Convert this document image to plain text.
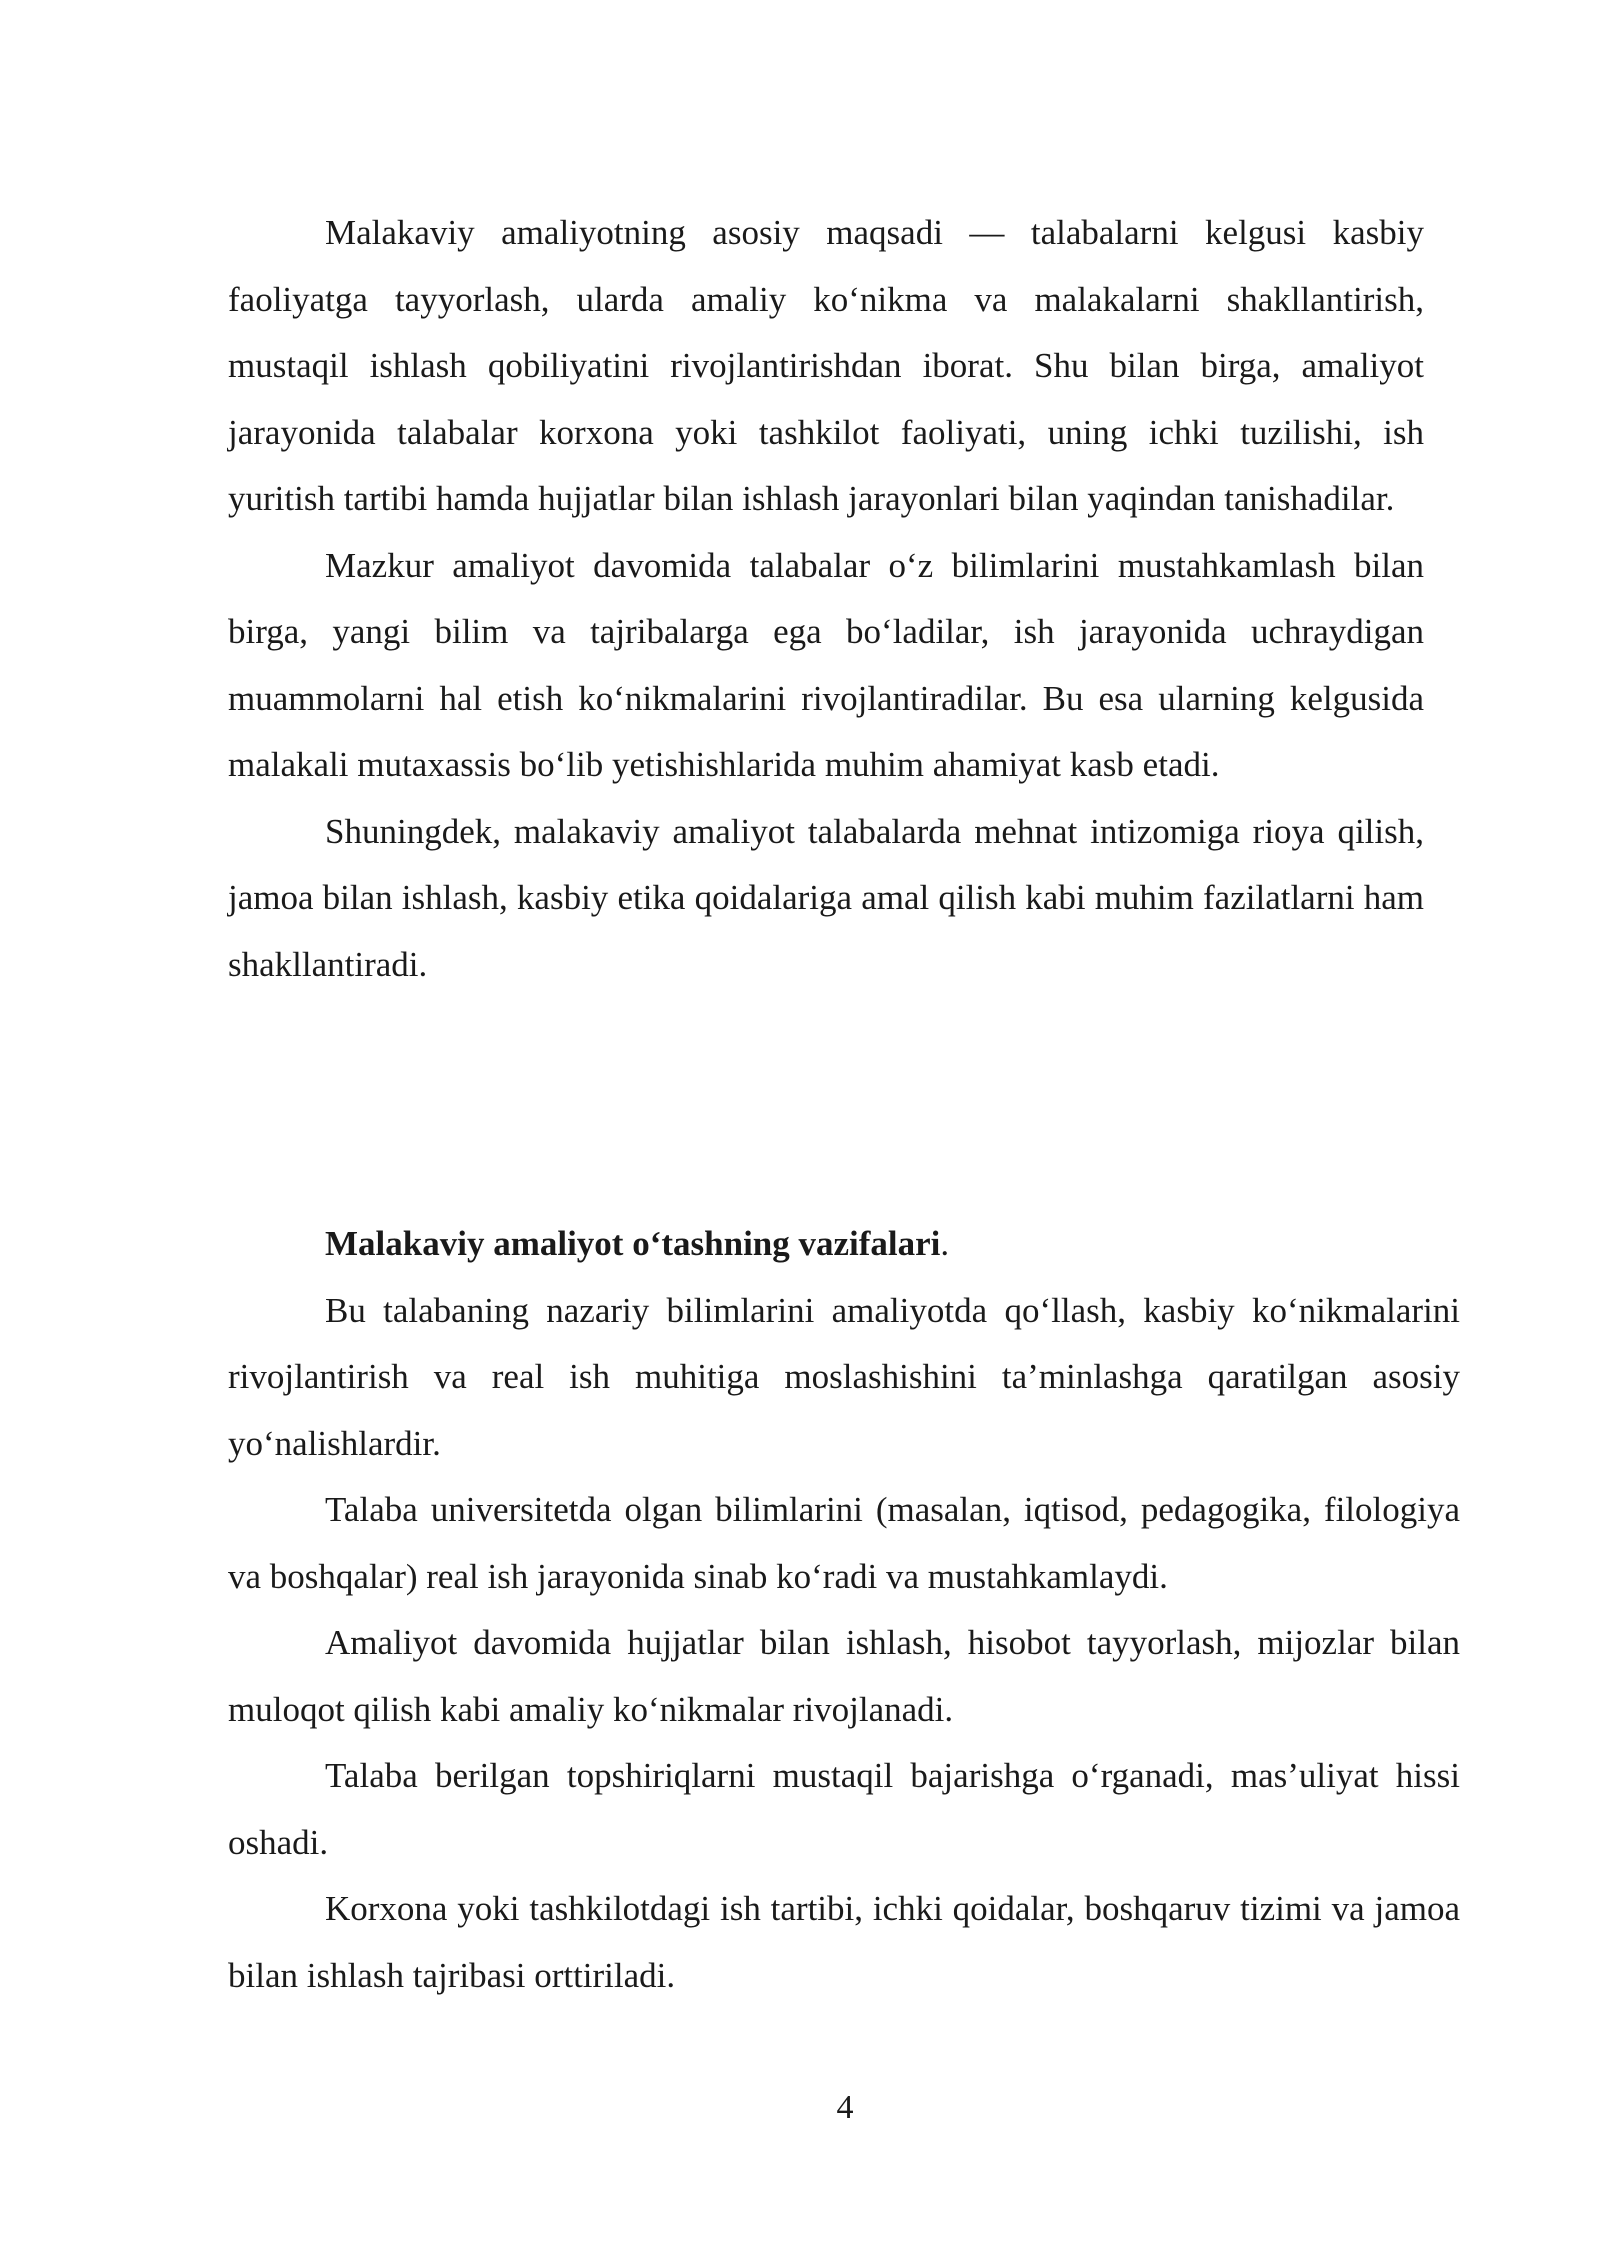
Malakaviy amaliyotning asosiy maqsadi — talabalarni kelgusi kasbiy faoliyatga tayyorlash, ularda amaliy ko‘nikma va malakalarni shakllantirish, mustaqil ishlash qobiliyatini rivojlantirishdan iborat. Shu bilan birga, amaliyot jarayonida talabalar korxona yoki tashkilot faoliyati, uning ichki tuzilishi, ish yuritish tartibi hamda hujjatlar bilan ishlash jarayonlari bilan yaqindan tanishadilar.

Mazkur amaliyot davomida talabalar o‘z bilimlarini mustahkamlash bilan birga, yangi bilim va tajribalarga ega bo‘ladilar, ish jarayonida uchraydigan muammolarni hal etish ko‘nikmalarini rivojlantiradilar. Bu esa ularning kelgusida malakali mutaxassis bo‘lib yetishishlarida muhim ahamiyat kasb etadi.

Shuningdek, malakaviy amaliyot talabalarda mehnat intizomiga rioya qilish, jamoa bilan ishlash, kasbiy etika qoidalariga amal qilish kabi muhim fazilatlarni ham shakllantiradi.

Malakaviy amaliyot o‘tashning vazifalari.

Bu talabaning nazariy bilimlarini amaliyotda qo‘llash, kasbiy ko‘nikmalarini rivojlantirish va real ish muhitiga moslashishini ta’minlashga qaratilgan asosiy yo‘nalishlardir.

Talaba universitetda olgan bilimlarini (masalan, iqtisod, pedagogika, filologiya va boshqalar) real ish jarayonida sinab ko‘radi va mustahkamlaydi.

Amaliyot davomida hujjatlar bilan ishlash, hisobot tayyorlash, mijozlar bilan muloqot qilish kabi amaliy ko‘nikmalar rivojlanadi.

Talaba berilgan topshiriqlarni mustaqil bajarishga o‘rganadi, mas’uliyat hissi oshadi.

Korxona yoki tashkilotdagi ish tartibi, ichki qoidalar, boshqaruv tizimi va jamoa bilan ishlash tajribasi orttiriladi.

4
